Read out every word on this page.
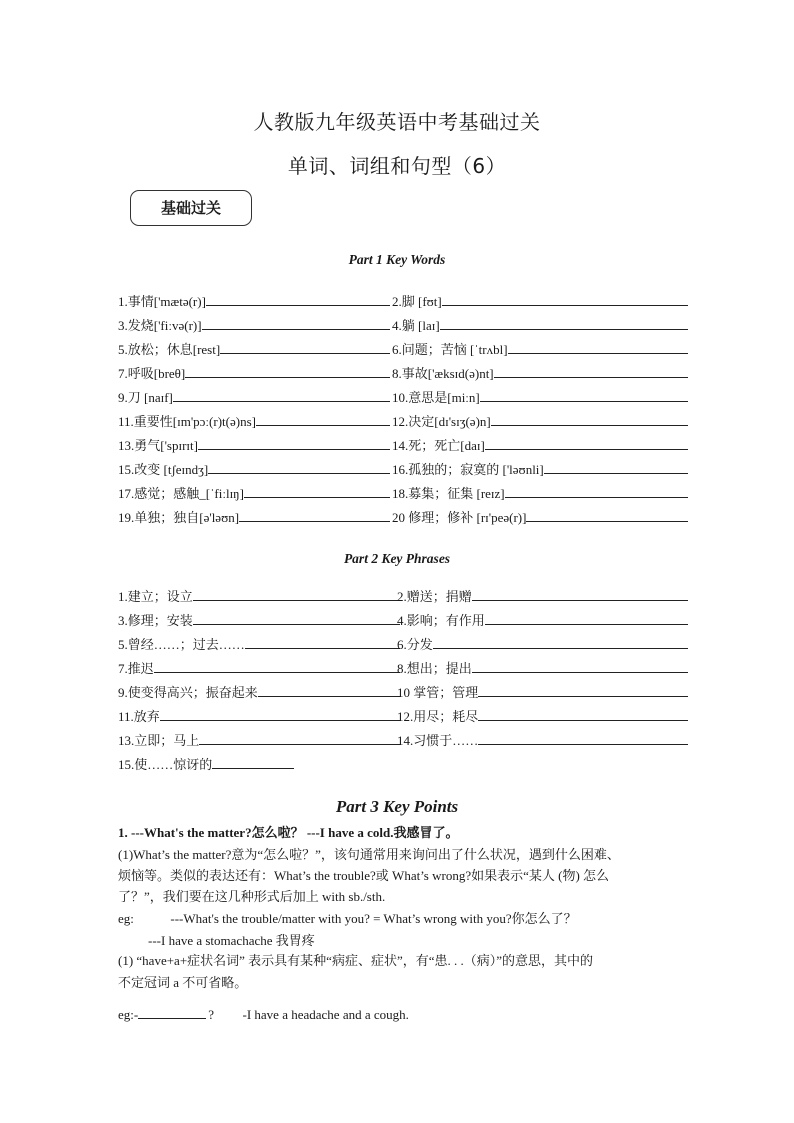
人教版九年级英语中考基础过关
单词、词组和句型（6）
基础过关
Part 1 Key Words
1.事情['mætə(r)]	2.脚 [fʊt]
3.发烧['fiːvə(r)]	4.躺 [laɪ]
5.放松；休息[rest]	6.问题；苦恼 [ˈtrʌbl]
7.呼吸[breθ]	8.事故['æksɪd(ə)nt]
9.刀 [naɪf]	10.意思是[miːn]
11.重要性[ɪm'pɔː(r)t(ə)ns]	12.决定[dɪ'sɪʒ(ə)n]
13.勇气['spɪrɪt]	14.死；死亡[daɪ]
15.改变 [tʃeɪndʒ]	16.孤独的；寂寞的 ['ləʊnli]
17.感觉；感触_[ˈfiːlɪŋ]	18.募集；征集 [reɪz]
19.单独；独自[ə'ləʊn]	20 修理；修补 [rɪ'peə(r)]
Part 2 Key Phrases
1.建立；设立	2.赠送；捐赠
3.修理；安装	4.影响；有作用
5.曾经……；过去……	6.分发
7.推迟	8.想出；提出
9.使变得高兴；振奋起来	10 掌管；管理
11.放弃	12.用尽；耗尽
13.立即；马上	14.习惯于……
15.使……惊讶的
Part 3 Key Points
1. ---What's the matter?怎么啦？ ---I have a cold.我感冒了。
(1)What’s the matter?意为“怎么啦？”，该句通常用来询问出了什么状况，遇到什么困难、
烦恼等。类似的表达还有：What’s the trouble?或 What’s wrong?如果表示“某人 (物) 怎么
了？”，我们要在这几种形式后加上 with sb./sth.
eg:	---What's the trouble/matter with you? = What’s wrong with you?你怎么了？
---I have a stomachache 我胃疼
(1) “have+a+症状名词” 表示具有某种“病症、症状”，有“患. . .（病）”的意思，其中的
不定冠词 a 不可省略。
eg:-	? -I have a headache and a cough.
